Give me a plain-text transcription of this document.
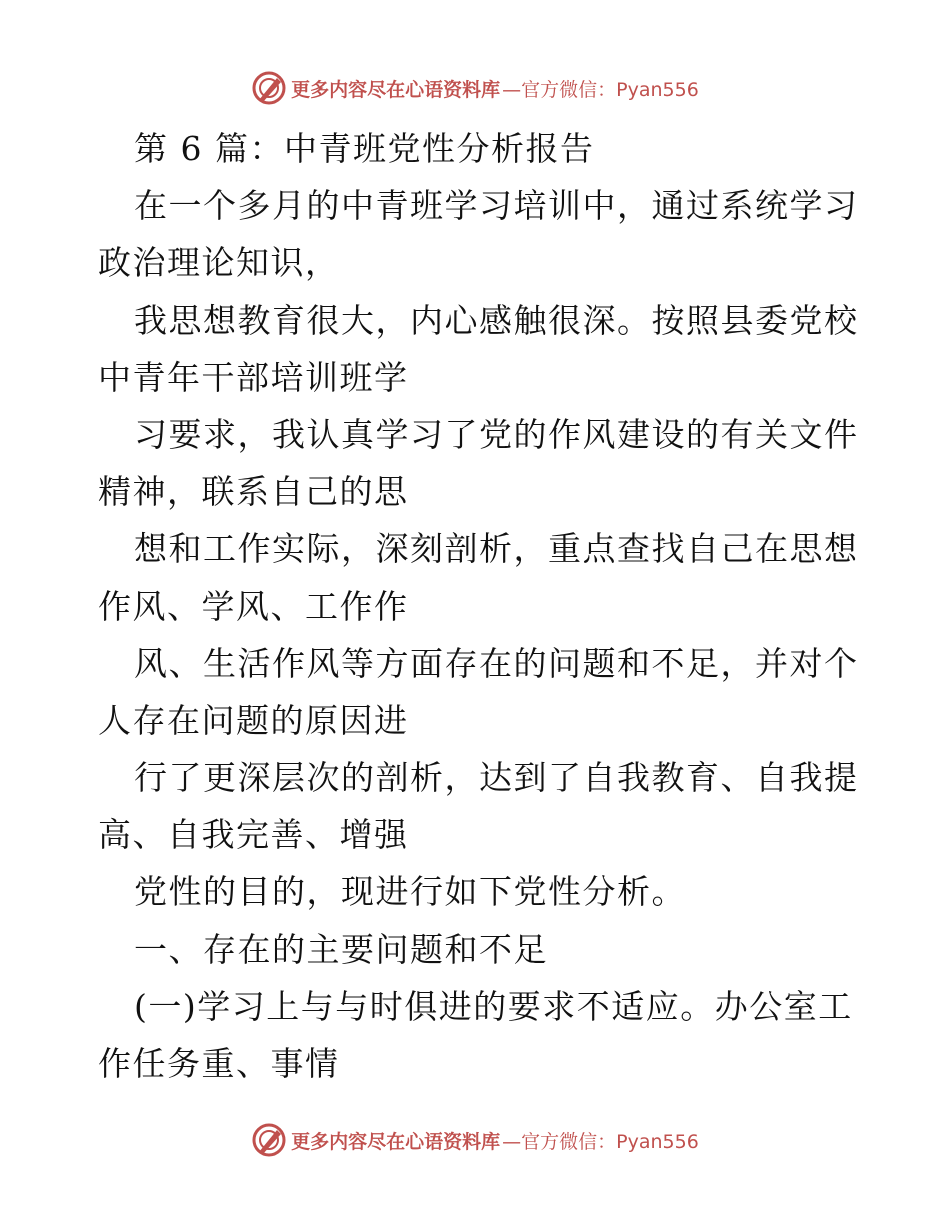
更多内容尽在心语资料库 —官方微信：Pyan556
第 6 篇：中青班党性分析报告
在一个多月的中青班学习培训中，通过系统学习
政治理论知识，
我思想教育很大，内心感触很深。按照县委党校
中青年干部培训班学
习要求，我认真学习了党的作风建设的有关文件
精神，联系自己的思
想和工作实际，深刻剖析，重点查找自己在思想
作风、学风、工作作
风、生活作风等方面存在的问题和不足，并对个
人存在问题的原因进
行了更深层次的剖析，达到了自我教育、自我提
高、自我完善、增强
党性的目的，现进行如下党性分析。
一、存在的主要问题和不足
(一)学习上与与时俱进的要求不适应。办公室工
作任务重、事情
更多内容尽在心语资料库 —官方微信：Pyan556
